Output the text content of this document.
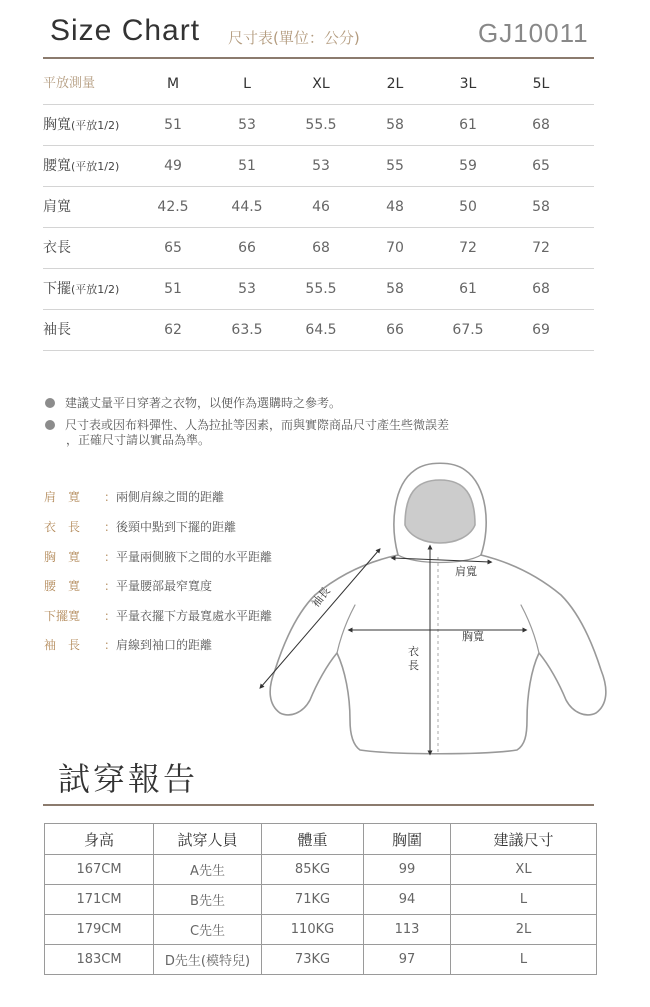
Size Chart 尺寸表(單位：公分)	GJ10011
平放測量	M	L	XL	2L	3L	5L
胸寬(平放1/2)	51	53	55.5	58	61	68
腰寬(平放1/2)	49	51	53	55	59	65
肩寬	42.5	44.5	46	48	50	58
衣長	65	66	68	70	72	72
下擺(平放1/2)	51	53	55.5	58	61	68
袖長	62	63.5	64.5	66	67.5	69
建議丈量平日穿著之衣物，以便作為選購時之參考。
尺寸表或因布料彈性、人為拉扯等因素，而與實際商品尺寸產生些微誤差
，正確尺寸請以實品為準。
肩　寬 ：兩側肩線之間的距離
衣　長 ：後頸中點到下擺的距離
胸　寬 ：平量兩側腋下之間的水平距離
腰　寬 ：平量腰部最窄寬度
下擺寬 ：平量衣擺下方最寬處水平距離
袖　長 ：肩線到袖口的距離
肩寬
胸寬
衣
長
袖長
試穿報告
身高	試穿人員	體重	胸圍	建議尺寸
167CM	A先生	85KG	99	XL
171CM	B先生	71KG	94	L
179CM	C先生	110KG	113	2L
183CM	D先生(模特兒)	73KG	97	L
